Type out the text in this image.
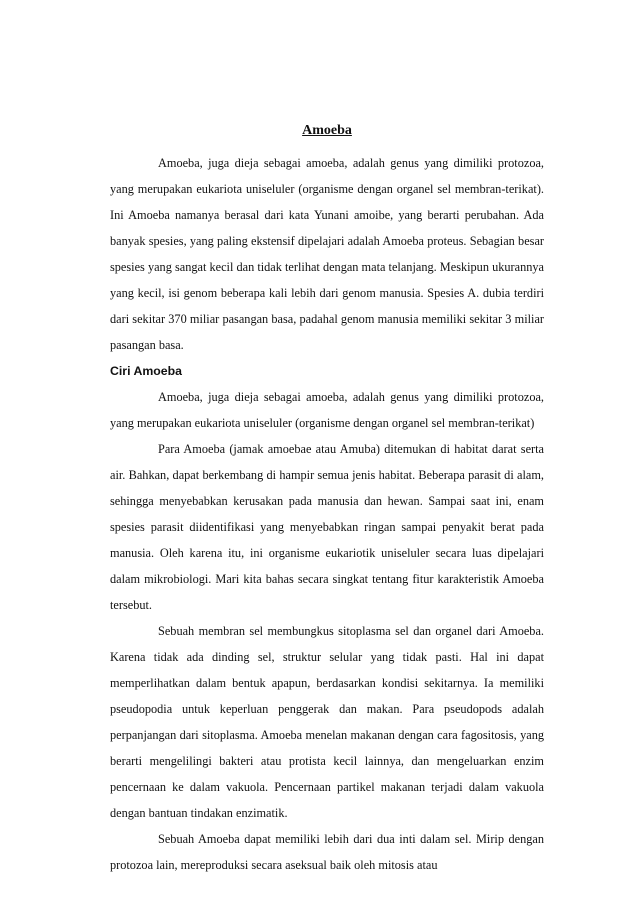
Amoeba

Amoeba, juga dieja sebagai amoeba, adalah genus yang dimiliki protozoa, yang merupakan eukariota uniseluler (organisme dengan organel sel membran-terikat). Ini Amoeba namanya berasal dari kata Yunani amoibe, yang berarti perubahan. Ada banyak spesies, yang paling ekstensif dipelajari adalah Amoeba proteus. Sebagian besar spesies yang sangat kecil dan tidak terlihat dengan mata telanjang. Meskipun ukurannya yang kecil, isi genom beberapa kali lebih dari genom manusia. Spesies A. dubia terdiri dari sekitar 370 miliar pasangan basa, padahal genom manusia memiliki sekitar 3 miliar pasangan basa.

Ciri Amoeba

Amoeba, juga dieja sebagai amoeba, adalah genus yang dimiliki protozoa, yang merupakan eukariota uniseluler (organisme dengan organel sel membran-terikat)

Para Amoeba (jamak amoebae atau Amuba) ditemukan di habitat darat serta air. Bahkan, dapat berkembang di hampir semua jenis habitat. Beberapa parasit di alam, sehingga menyebabkan kerusakan pada manusia dan hewan. Sampai saat ini, enam spesies parasit diidentifikasi yang menyebabkan ringan sampai penyakit berat pada manusia. Oleh karena itu, ini organisme eukariotik uniseluler secara luas dipelajari dalam mikrobiologi. Mari kita bahas secara singkat tentang fitur karakteristik Amoeba tersebut.

Sebuah membran sel membungkus sitoplasma sel dan organel dari Amoeba. Karena tidak ada dinding sel, struktur selular yang tidak pasti. Hal ini dapat memperlihatkan dalam bentuk apapun, berdasarkan kondisi sekitarnya. Ia memiliki pseudopodia untuk keperluan penggerak dan makan. Para pseudopods adalah perpanjangan dari sitoplasma. Amoeba menelan makanan dengan cara fagositosis, yang berarti mengelilingi bakteri atau protista kecil lainnya, dan mengeluarkan enzim pencernaan ke dalam vakuola. Pencernaan partikel makanan terjadi dalam vakuola dengan bantuan tindakan enzimatik.

Sebuah Amoeba dapat memiliki lebih dari dua inti dalam sel. Mirip dengan protozoa lain, mereproduksi secara aseksual baik oleh mitosis atau
